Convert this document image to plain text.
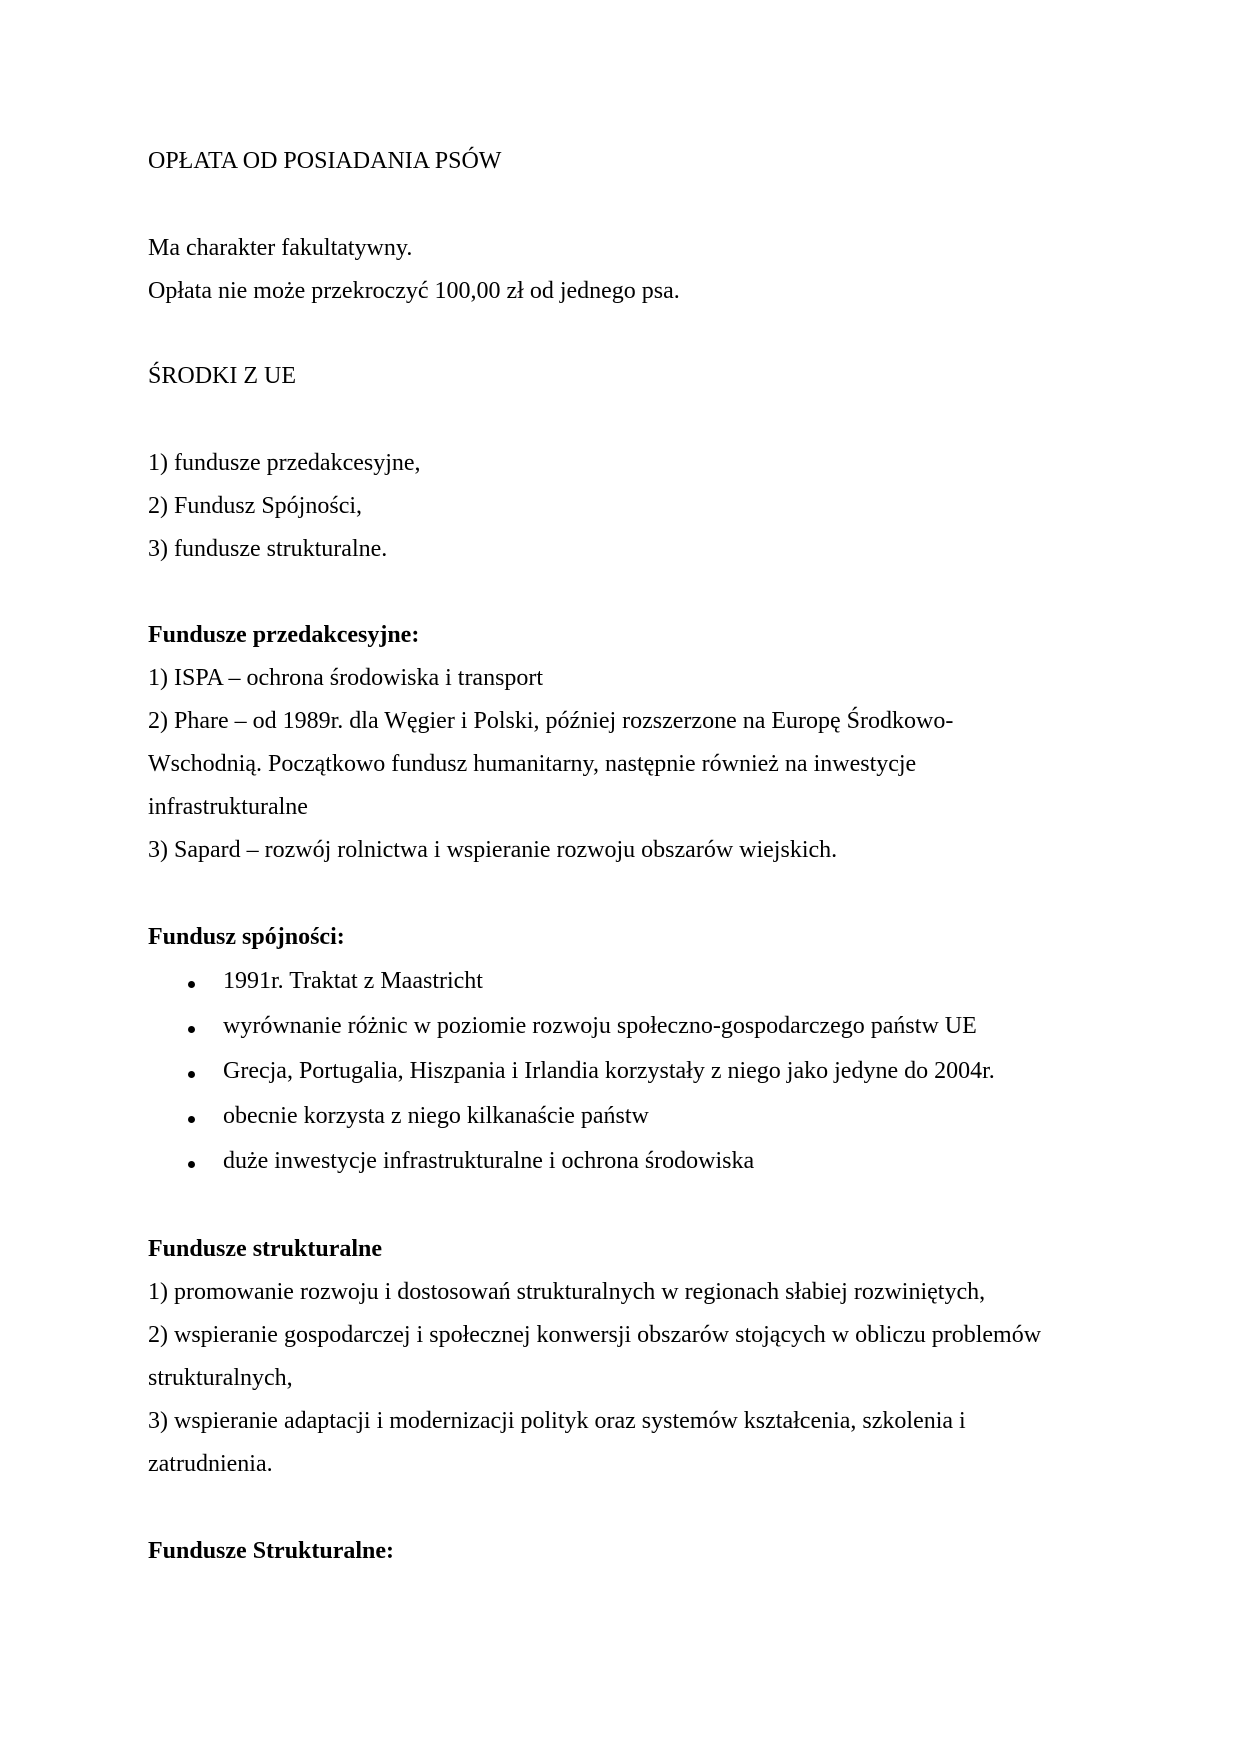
OPŁATA OD POSIADANIA PSÓW
Ma charakter fakultatywny.
Opłata nie może przekroczyć 100,00 zł od jednego psa.
ŚRODKI Z UE
1) fundusze przedakcesyjne,
2) Fundusz Spójności,
3) fundusze strukturalne.
Fundusze przedakcesyjne:
1) ISPA – ochrona środowiska i transport
2) Phare – od 1989r. dla Węgier i Polski, później rozszerzone na Europę Środkowo-
Wschodnią. Początkowo fundusz humanitarny, następnie również na inwestycje
infrastrukturalne
3) Sapard – rozwój rolnictwa i wspieranie rozwoju obszarów wiejskich.
Fundusz spójności:
1991r. Traktat z Maastricht
wyrównanie różnic w poziomie rozwoju społeczno-gospodarczego państw UE
Grecja, Portugalia, Hiszpania i Irlandia korzystały z niego jako jedyne do 2004r.
obecnie korzysta z niego kilkanaście państw
duże inwestycje infrastrukturalne i ochrona środowiska
Fundusze strukturalne
1) promowanie rozwoju i dostosowań strukturalnych w regionach słabiej rozwiniętych,
2) wspieranie gospodarczej i społecznej konwersji obszarów stojących w obliczu problemów
strukturalnych,
3) wspieranie adaptacji i modernizacji polityk oraz systemów kształcenia, szkolenia i
zatrudnienia.
Fundusze Strukturalne:
